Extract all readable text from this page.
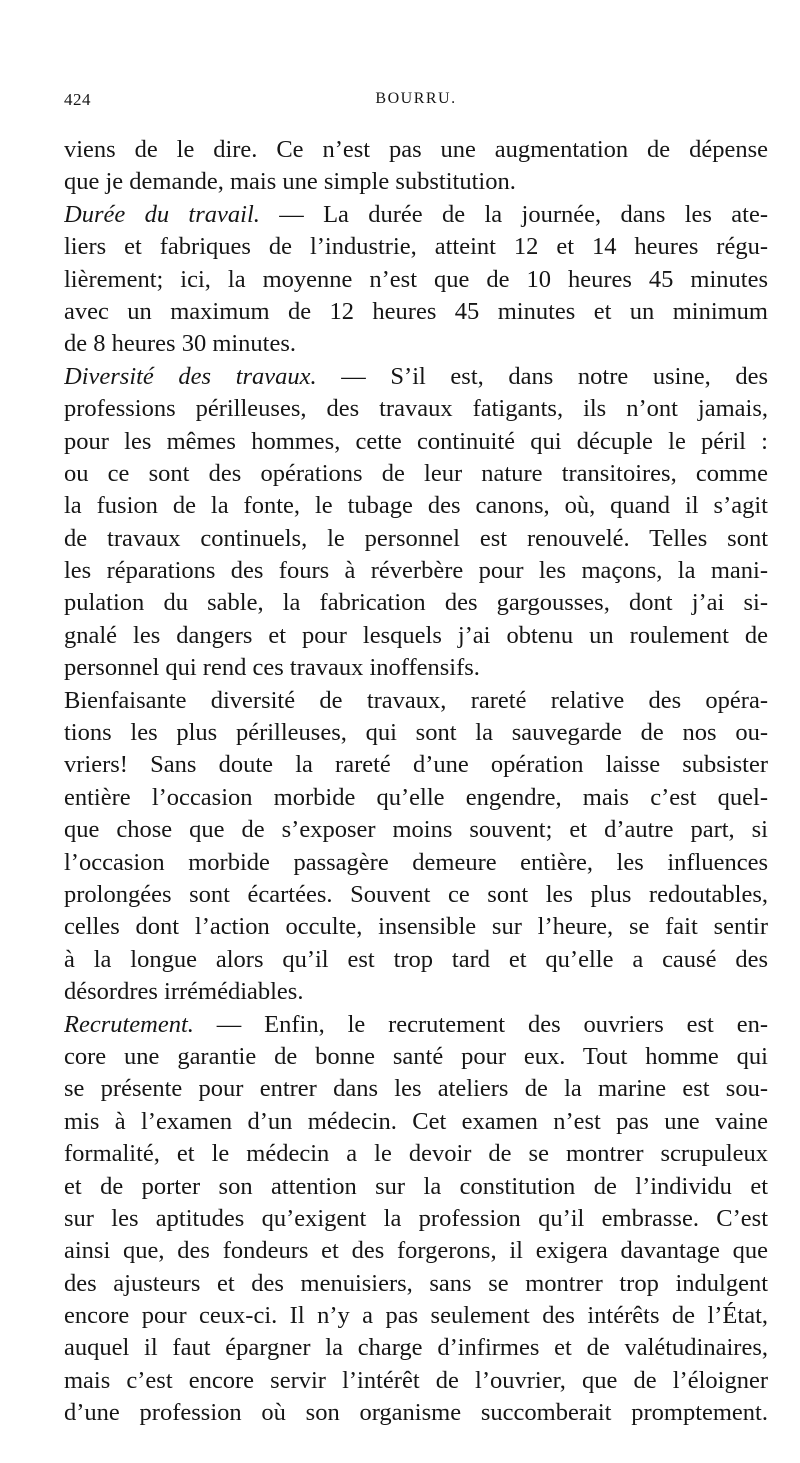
424	BOURRU.
viens de le dire. Ce n’est pas une augmentation de dépense
que je demande, mais une simple substitution.
Durée du travail. — La durée de la journée, dans les ate-
liers et fabriques de l’industrie, atteint 12 et 14 heures régu-
lièrement; ici, la moyenne n’est que de 10 heures 45 minutes
avec un maximum de 12 heures 45 minutes et un minimum
de 8 heures 30 minutes.
Diversité des travaux. — S’il est, dans notre usine, des
professions périlleuses, des travaux fatigants, ils n’ont jamais,
pour les mêmes hommes, cette continuité qui décuple le péril :
ou ce sont des opérations de leur nature transitoires, comme
la fusion de la fonte, le tubage des canons, où, quand il s’agit
de travaux continuels, le personnel est renouvelé. Telles sont
les réparations des fours à réverbère pour les maçons, la mani-
pulation du sable, la fabrication des gargousses, dont j’ai si-
gnalé les dangers et pour lesquels j’ai obtenu un roulement de
personnel qui rend ces travaux inoffensifs.
Bienfaisante diversité de travaux, rareté relative des opéra-
tions les plus périlleuses, qui sont la sauvegarde de nos ou-
vriers! Sans doute la rareté d’une opération laisse subsister
entière l’occasion morbide qu’elle engendre, mais c’est quel-
que chose que de s’exposer moins souvent; et d’autre part, si
l’occasion morbide passagère demeure entière, les influences
prolongées sont écartées. Souvent ce sont les plus redoutables,
celles dont l’action occulte, insensible sur l’heure, se fait sentir
à la longue alors qu’il est trop tard et qu’elle a causé des
désordres irrémédiables.
Recrutement. — Enfin, le recrutement des ouvriers est en-
core une garantie de bonne santé pour eux. Tout homme qui
se présente pour entrer dans les ateliers de la marine est sou-
mis à l’examen d’un médecin. Cet examen n’est pas une vaine
formalité, et le médecin a le devoir de se montrer scrupuleux
et de porter son attention sur la constitution de l’individu et
sur les aptitudes qu’exigent la profession qu’il embrasse. C’est
ainsi que, des fondeurs et des forgerons, il exigera davantage que
des ajusteurs et des menuisiers, sans se montrer trop indulgent
encore pour ceux-ci. Il n’y a pas seulement des intérêts de l’État,
auquel il faut épargner la charge d’infirmes et de valétudinaires,
mais c’est encore servir l’intérêt de l’ouvrier, que de l’éloigner
d’une profession où son organisme succomberait promptement.
